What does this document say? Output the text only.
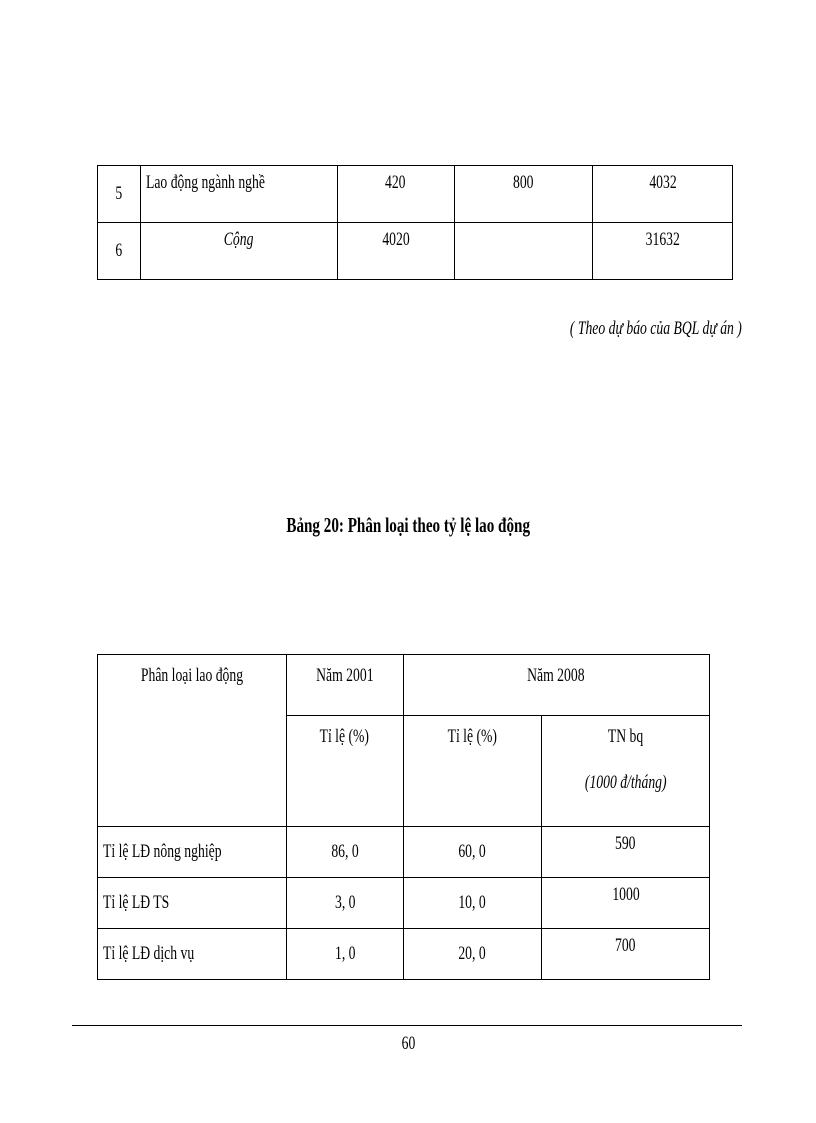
5	Lao động ngành nghề	420	800	4032
6	Cộng	4020		31632
( Theo dự báo của BQL dự án )
Bảng 20: Phân loại theo tỷ lệ lao động
Phân loại lao động	Năm 2001	Năm 2008	
	Tỉ lệ (%)	Tỉ lệ (%)	TN bq
(1000 đ/tháng)

Tỉ lệ LĐ nông nghiệp	86, 0	60, 0	590
Tỉ lệ LĐ TS	3, 0	10, 0	1000
Tỉ lệ LĐ dịch vụ	1, 0	20, 0	700
60
